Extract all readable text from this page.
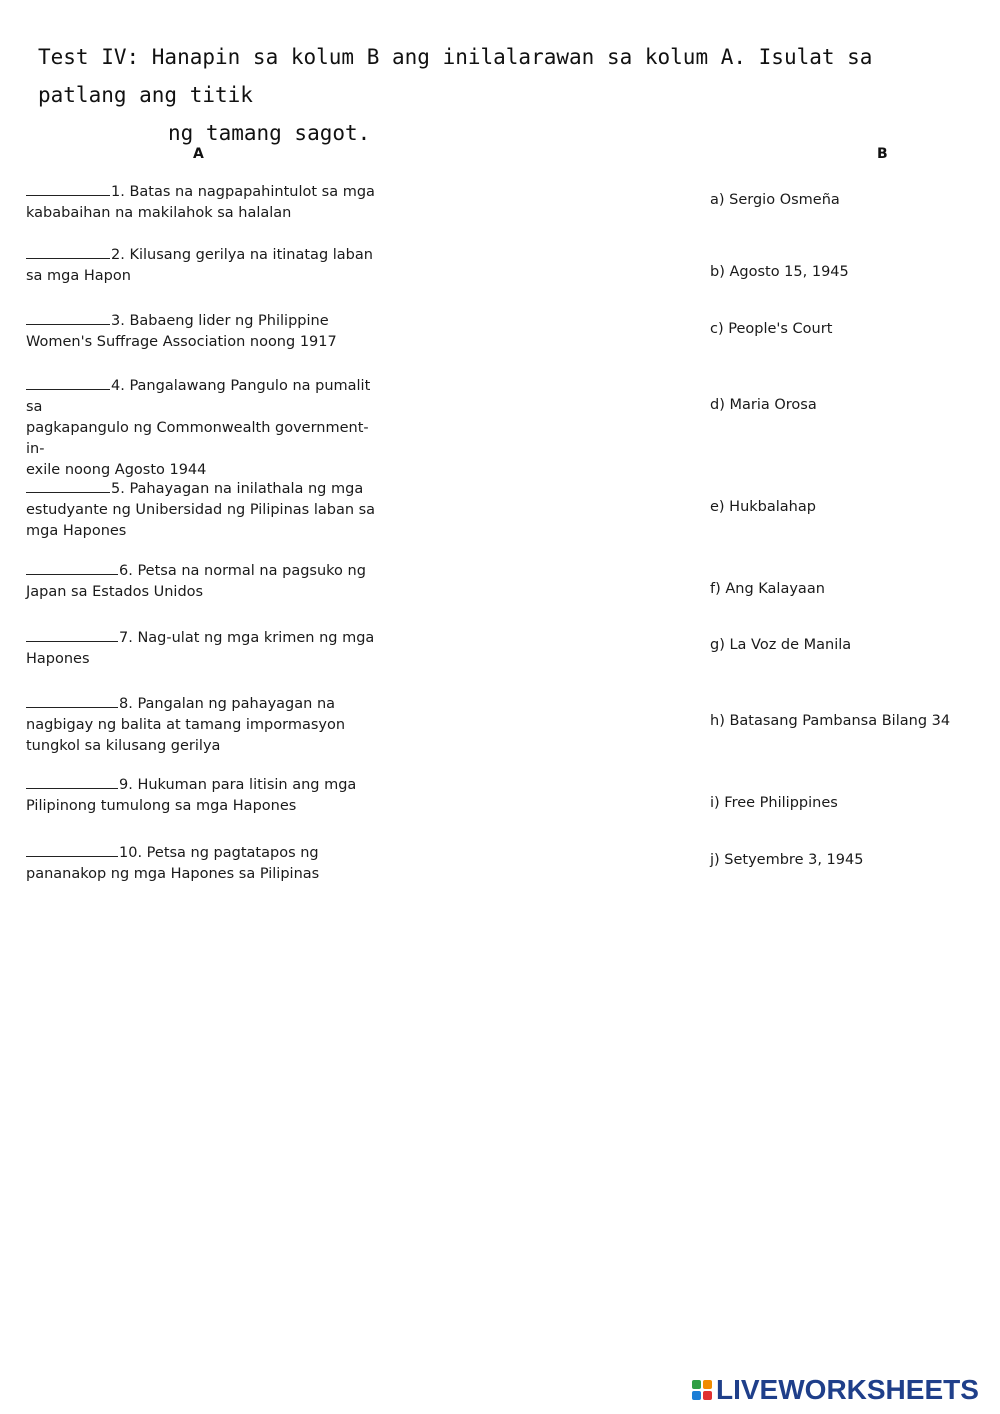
Test IV: Hanapin sa kolum B ang inilalarawan sa kolum A. Isulat sa patlang ang titik
ng tamang sagot.
A	B
1. Batas na nagpapahintulot sa mga
kababaihan na makilahok sa halalan
2. Kilusang gerilya na itinatag laban
sa mga Hapon
3. Babaeng lider ng Philippine
Women's Suffrage Association noong 1917
4. Pangalawang Pangulo na pumalit sa
pagkapangulo ng Commonwealth government-in-
exile noong Agosto 1944
5. Pahayagan na inilathala ng mga
estudyante ng Unibersidad ng Pilipinas laban sa
mga Hapones
6. Petsa na normal na pagsuko ng
Japan sa Estados Unidos
7. Nag-ulat ng mga krimen ng mga
Hapones
8. Pangalan ng pahayagan na
nagbigay ng balita at tamang impormasyon
tungkol sa kilusang gerilya
9. Hukuman para litisin ang mga
Pilipinong tumulong sa mga Hapones
10. Petsa ng pagtatapos ng
pananakop ng mga Hapones sa Pilipinas
a) Sergio Osmeña
b) Agosto 15, 1945
c) People's Court
d) Maria Orosa
e) Hukbalahap
f) Ang Kalayaan
g) La Voz de Manila
h) Batasang Pambansa Bilang 34
i) Free Philippines
j) Setyembre 3, 1945
LIVEWORKSHEETS
